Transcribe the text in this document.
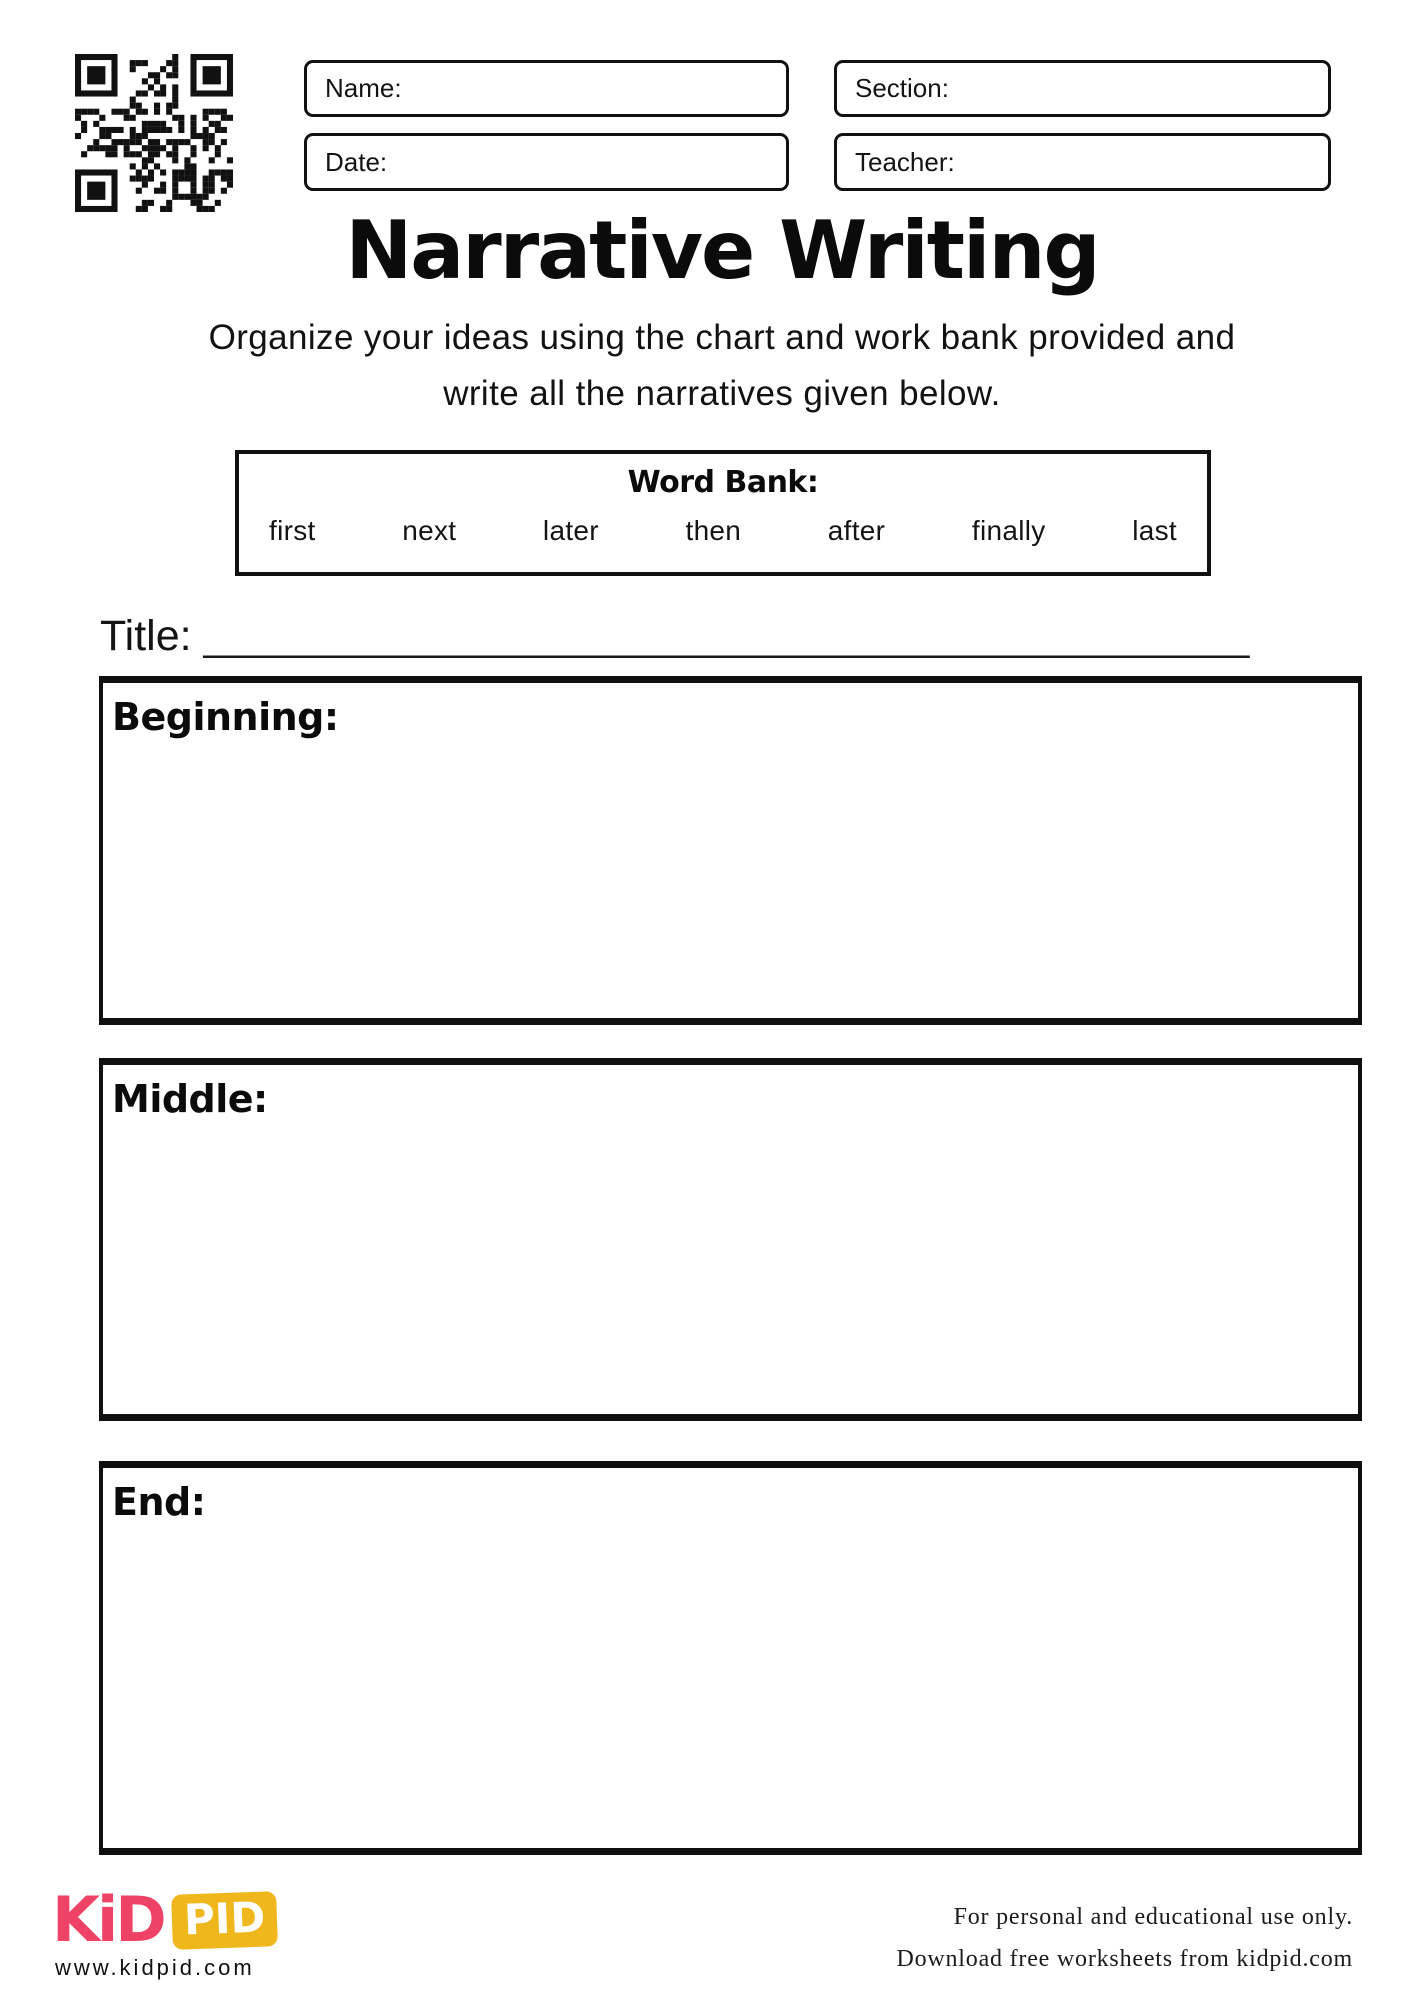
Name:	Section:
Date:	Teacher:
Narrative Writing
Organize your ideas using the chart and work bank provided and
write all the narratives given below.
Word Bank:
first	next	later	then	after	finally	last
Title: ______________________________________________
Beginning:
Middle:
End:
KiD PID
www.kidpid.com
For personal and educational use only.
Download free worksheets from kidpid.com
